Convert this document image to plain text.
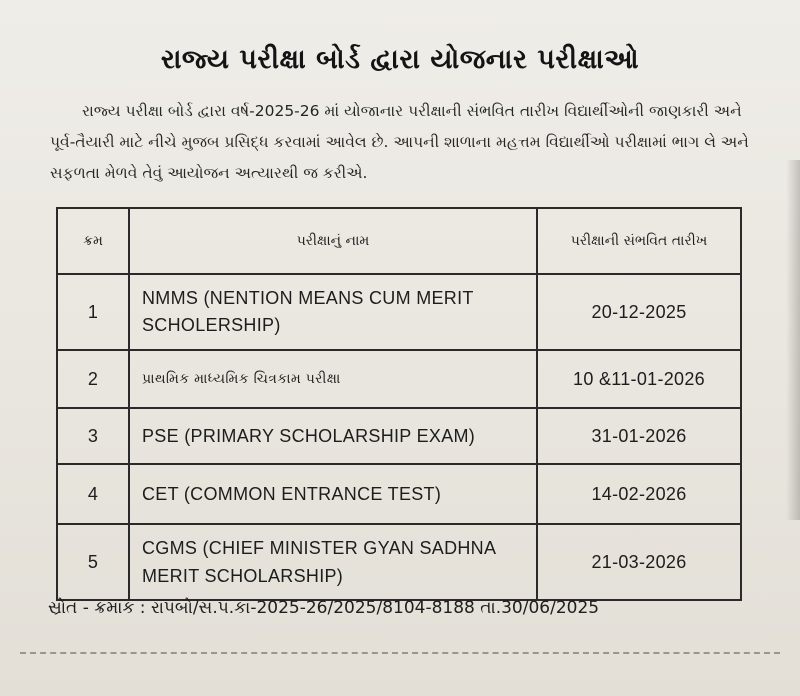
રાજ્ય પરીક્ષા બોર્ડ દ્વારા યોજનાર પરીક્ષાઓ
રાજ્ય પરીક્ષા બોર્ડ દ્વારા વર્ષ-2025-26 માં યોજાનાર પરીક્ષાની સંભવિત તારીખ વિદ્યાર્થીઓની જાણકારી અને પૂર્વ-તૈયારી માટે નીચે મુજબ પ્રસિદ્ધ કરવામાં આવેલ છે. આપની શાળાના મહત્તમ વિદ્યાર્થીઓ પરીક્ષામાં ભાગ લે અને સફળતા મેળવે તેવું આયોજન અત્યારથી જ કરીએ.
ક્રમ	પરીક્ષાનું નામ	પરીક્ષાની સંભવિત તારીખ
1	NMMS (NENTION MEANS CUM MERIT SCHOLERSHIP)	20-12-2025
2	પ્રાથમિક માધ્યમિક ચિત્રકામ પરીક્ષા	10 &11-01-2026
3	PSE (PRIMARY SCHOLARSHIP EXAM)	31-01-2026
4	CET (COMMON ENTRANCE TEST)	14-02-2026
5	CGMS (CHIEF MINISTER GYAN SADHNA MERIT SCHOLARSHIP)	21-03-2026
સ્રોત - ક્રમાંક : રાપબો/સં.પ.કા-2025-26/2025/8104-8188 તા.30/06/2025
